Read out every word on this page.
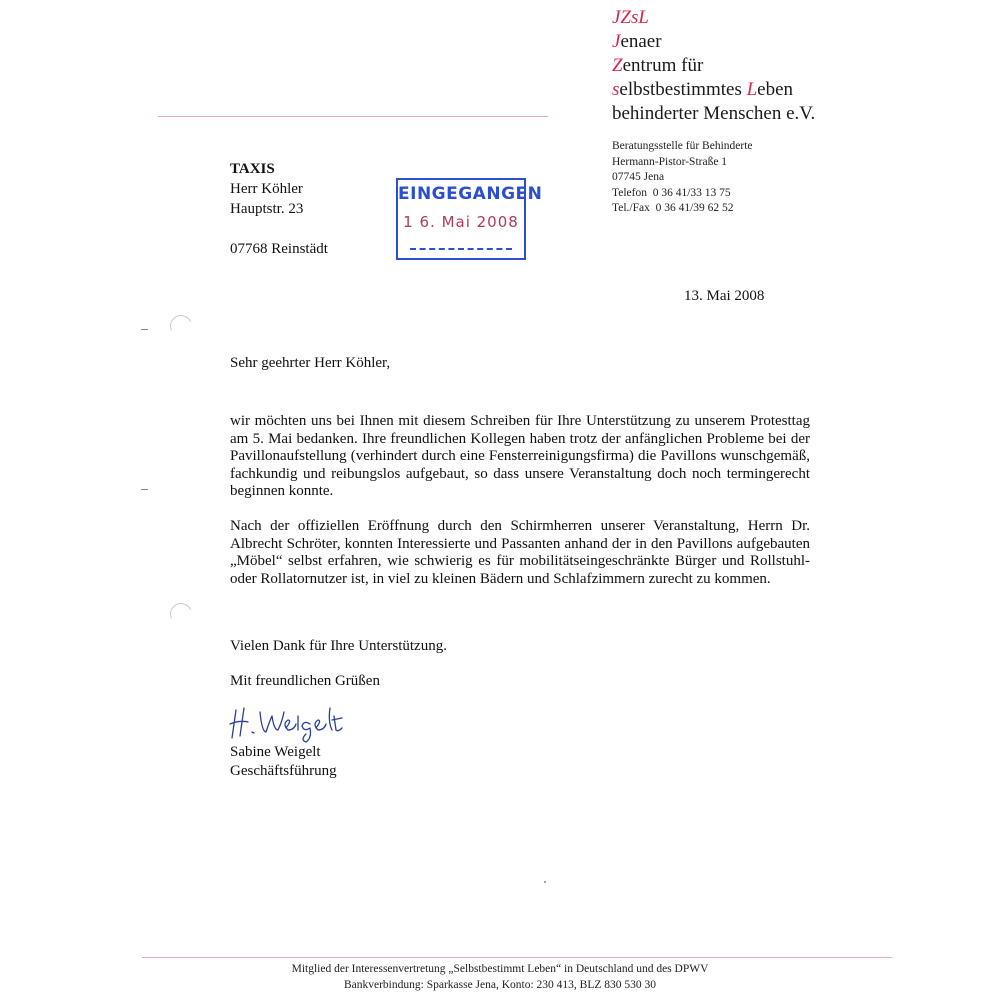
JZsL
Jenaer
Zentrum für
selbstbestimmtes Leben
behinderter Menschen e.V.
Beratungsstelle für Behinderte
Hermann-Pistor-Straße 1
07745 Jena
Telefon 0 36 41/33 13 75
Tel./Fax 0 36 41/39 62 52
TAXIS
Herr Köhler
Hauptstr. 23
07768 Reinstädt
EINGEGANGEN
1 6. Mai 2008
13. Mai 2008
Sehr geehrter Herr Köhler,
wir möchten uns bei Ihnen mit diesem Schreiben für Ihre Unterstützung zu unserem Protesttag am 5. Mai bedanken. Ihre freundlichen Kollegen haben trotz der anfänglichen Probleme bei der Pavillonaufstellung (verhindert durch eine Fensterreinigungsfirma) die Pavillons wunschgemäß, fachkundig und reibungslos aufgebaut, so dass unsere Veranstaltung doch noch termingerecht beginnen konnte.
Nach der offiziellen Eröffnung durch den Schirmherren unserer Veranstaltung, Herrn Dr. Albrecht Schröter, konnten Interessierte und Passanten anhand der in den Pavillons aufgebauten „Möbel“ selbst erfahren, wie schwierig es für mobilitätseingeschränkte Bürger und Rollstuhl- oder Rollatornutzer ist, in viel zu kleinen Bädern und Schlafzimmern zurecht zu kommen.
Vielen Dank für Ihre Unterstützung.
Mit freundlichen Grüßen
Sabine Weigelt
Geschäftsführung
Mitglied der Interessenvertretung „Selbstbestimmt Leben“ in Deutschland und des DPWV
Bankverbindung: Sparkasse Jena, Konto: 230 413, BLZ 830 530 30
